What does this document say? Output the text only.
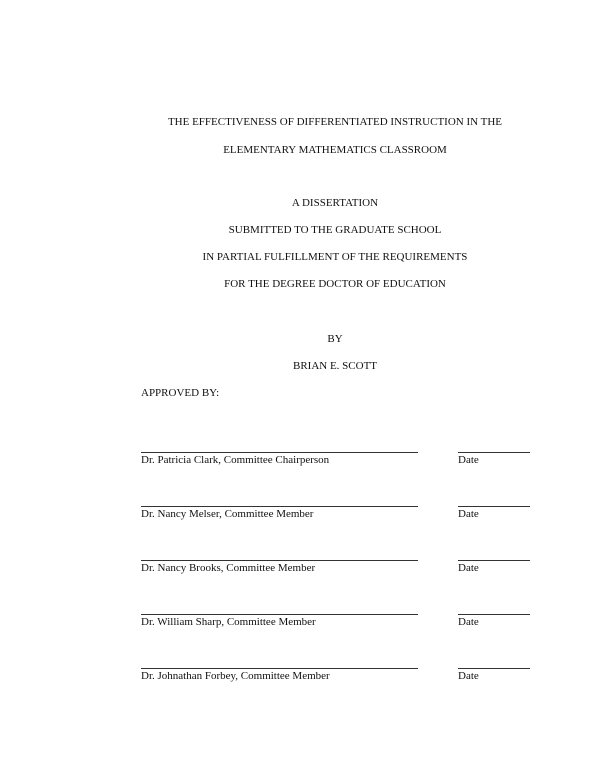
THE EFFECTIVENESS OF DIFFERENTIATED INSTRUCTION IN THE
ELEMENTARY MATHEMATICS CLASSROOM
A DISSERTATION
SUBMITTED TO THE GRADUATE SCHOOL
IN PARTIAL FULFILLMENT OF THE REQUIREMENTS
FOR THE DEGREE DOCTOR OF EDUCATION
BY
BRIAN E. SCOTT
APPROVED BY:
Dr. Patricia Clark, Committee Chairperson	Date
Dr. Nancy Melser, Committee Member	Date
Dr. Nancy Brooks, Committee Member	Date
Dr. William Sharp, Committee Member	Date
Dr. Johnathan Forbey, Committee Member	Date
